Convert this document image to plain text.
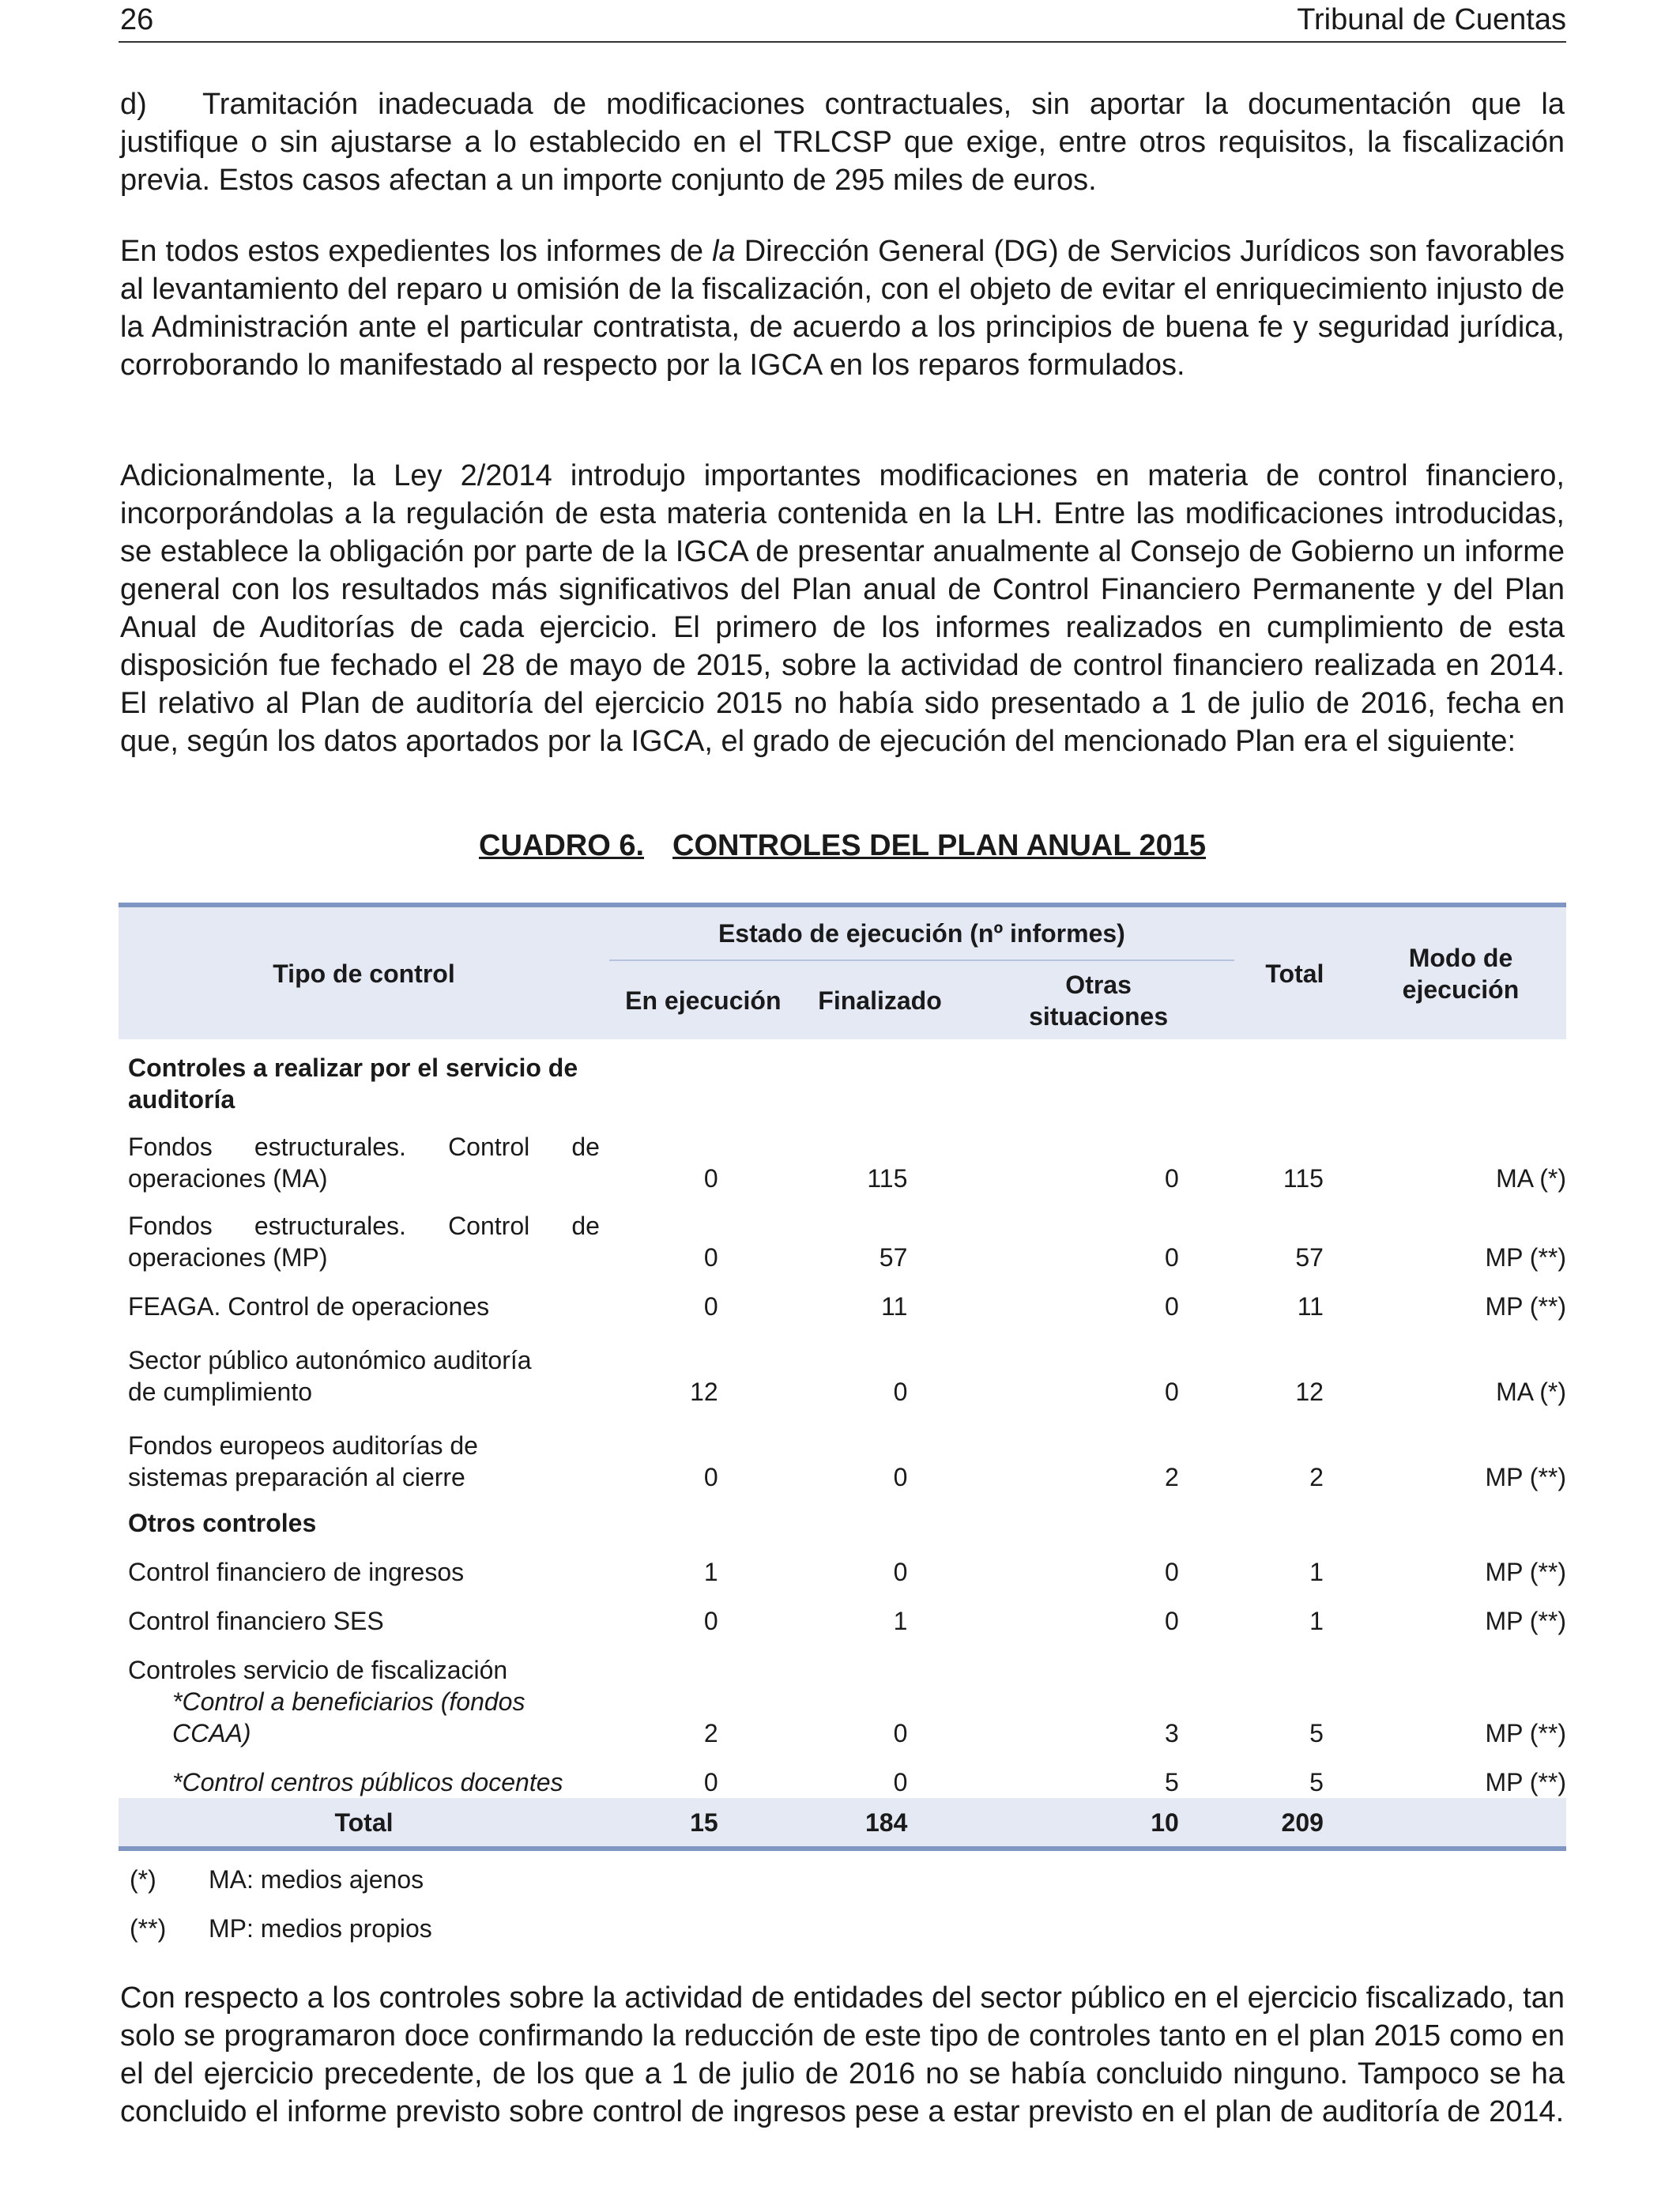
26	Tribunal de Cuentas

d) Tramitación inadecuada de modificaciones contractuales, sin aportar la documentación que la justifique o sin ajustarse a lo establecido en el TRLCSP que exige, entre otros requisitos, la fiscalización previa. Estos casos afectan a un importe conjunto de 295 miles de euros.

En todos estos expedientes los informes de la Dirección General (DG) de Servicios Jurídicos son favorables al levantamiento del reparo u omisión de la fiscalización, con el objeto de evitar el enriquecimiento injusto de la Administración ante el particular contratista, de acuerdo a los principios de buena fe y seguridad jurídica, corroborando lo manifestado al respecto por la IGCA en los reparos formulados.

Adicionalmente, la Ley 2/2014 introdujo importantes modificaciones en materia de control financiero, incorporándolas a la regulación de esta materia contenida en la LH. Entre las modificaciones introducidas, se establece la obligación por parte de la IGCA de presentar anualmente al Consejo de Gobierno un informe general con los resultados más significativos del Plan anual de Control Financiero Permanente y del Plan Anual de Auditorías de cada ejercicio. El primero de los informes realizados en cumplimiento de esta disposición fue fechado el 28 de mayo de 2015, sobre la actividad de control financiero realizada en 2014. El relativo al Plan de auditoría del ejercicio 2015 no había sido presentado a 1 de julio de 2016, fecha en que, según los datos aportados por la IGCA, el grado de ejecución del mencionado Plan era el siguiente:

CUADRO 6. CONTROLES DEL PLAN ANUAL 2015
Tipo de control	Estado de ejecución (nº informes)			Total	Modo de ejecución
	En ejecución	Finalizado	Otras situaciones		
Controles a realizar por el servicio de auditoría					
Fondos estructurales. Control de operaciones (MA)	0	115	0	115	MA (*)
Fondos estructurales. Control de operaciones (MP)	0	57	0	57	MP (**)
FEAGA. Control de operaciones	0	11	0	11	MP (**)
Sector público autonómico auditoría de cumplimiento	12	0	0	12	MA (*)
Fondos europeos auditorías de sistemas preparación al cierre	0	0	2	2	MP (**)
Otros controles					
Control financiero de ingresos	1	0	0	1	MP (**)
Control financiero SES	0	1	0	1	MP (**)
Controles servicio de fiscalización					
*Control a beneficiarios (fondos CCAA)	2	0	3	5	MP (**)
*Control centros públicos docentes	0	0	5	5	MP (**)
Total	15	184	10	209	
(*) MA: medios ajenos
(**) MP: medios propios

Con respecto a los controles sobre la actividad de entidades del sector público en el ejercicio fiscalizado, tan solo se programaron doce confirmando la reducción de este tipo de controles tanto en el plan 2015 como en el del ejercicio precedente, de los que a 1 de julio de 2016 no se había concluido ninguno. Tampoco se ha concluido el informe previsto sobre control de ingresos pese a estar previsto en el plan de auditoría de 2014.
